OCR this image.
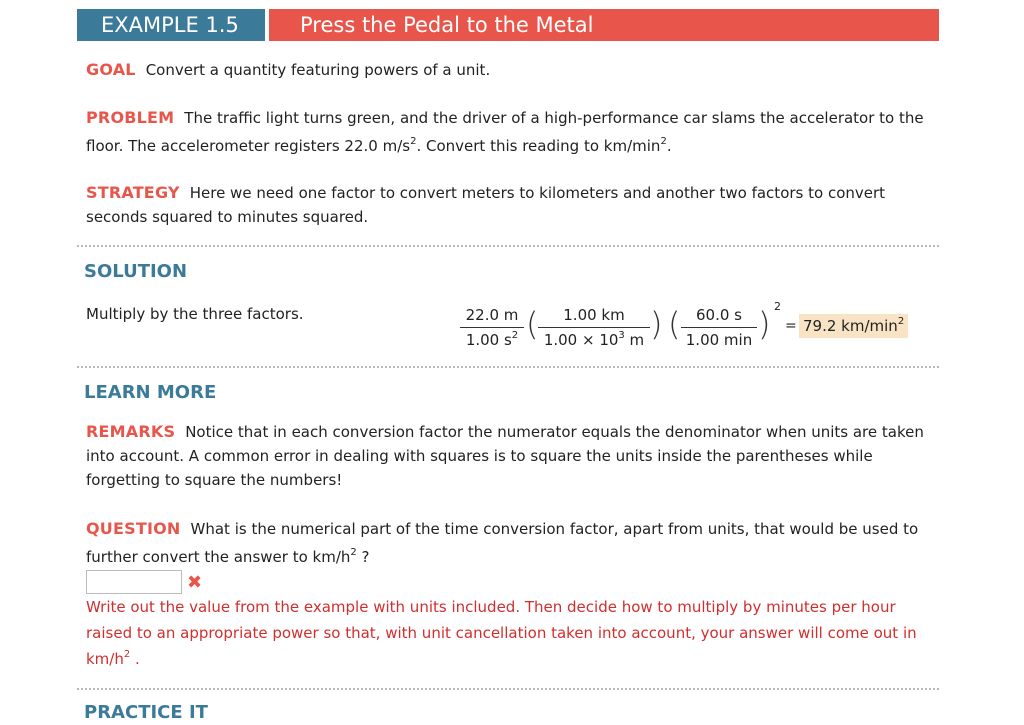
EXAMPLE 1.5	Press the Pedal to the Metal

GOAL Convert a quantity featuring powers of a unit.

PROBLEM The traffic light turns green, and the driver of a high-performance car slams the accelerator to the floor. The accelerometer registers 22.0 $m/s^2$. Convert this reading to $km/\min^2$.

STRATEGY Here we need one factor to convert meters to kilometers and another two factors to convert seconds squared to minutes squared.

SOLUTION
Multiply by the three factors.	$\frac{22.0 m}{1.00 s^2}$ ( $\frac{1.00 km}{1.00 \times 10^3 m}$ ) (	60.0 s
1.00 min ) 2
= 79.2 $km/\min^2$
LEARN MORE

REMARKS Notice that in each conversion factor the numerator equals the denominator when units are taken into account. A common error in dealing with squares is to square the units inside the parentheses while forgetting to square the numbers!

QUESTION What is the numerical part of the time conversion factor, apart from units, that would be used to further convert the answer to $km/h^2$ ?

✖

Write out the value from the example with units included. Then decide how to multiply by minutes per hour raised to an appropriate power so that, with unit cancellation taken into account, your answer will come out in $km/h^2$ .

PRACTICE IT
